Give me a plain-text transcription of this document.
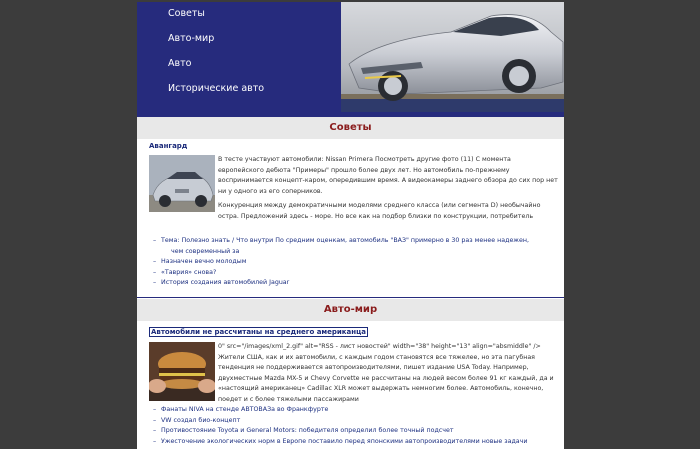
Советы
Авто-мир
Авто
Исторические авто
Советы
Авангард

В тесте участвуют автомобили: Nissan Primera Посмотреть другие фото (11) С момента европейского дебюта "Примеры" прошло более двух лет. Но автомобиль по-прежнему воспринимается концепт-каром, опередившим время. А видеокамеры заднего обзора до сих пор нет ни у одного из его соперников.

Конкуренция между демократичными моделями среднего класса (или сегмента D) необычайно остра. Предложений здесь - море. Но все как на подбор близки по конструкции, потребитель

– Тема: Полезно знать / Что внутри По средним оценкам, автомобиль "ВАЗ" примерно в 30 раз менее надежен,
чем современный за
– Назначен вечно молодым
– «Таврия» снова?
– История создания автомобилей Jaguar
Авто-мир
Автомобили не рассчитаны на среднего американца

0" src="/images/xml_2.gif" alt="RSS - лист новостей" width="38" height="13" align="absmiddle" /> Жители США, как и их автомобили, с каждым годом становятся все тяжелее, но эта пагубная тенденция не поддерживается автопроизводителями, пишет издание USA Today. Например, двухместные Mazda MX-5 и Chevy Corvette не рассчитаны на людей весом более 91 кг каждый, да и «настоящий американец» Cadillac XLR может выдержать немногим более. Автомобиль, конечно, поедет и с более тяжелыми пассажирами

– Фанаты NIVA на стенде АВТОВАЗа во Франкфурте
– VW создал био-концепт
– Противостояние Toyota и General Motors: победителя определил более точный подсчет
– Ужесточение экологических норм в Европе поставило перед японскими автопроизводителями новые задачи
